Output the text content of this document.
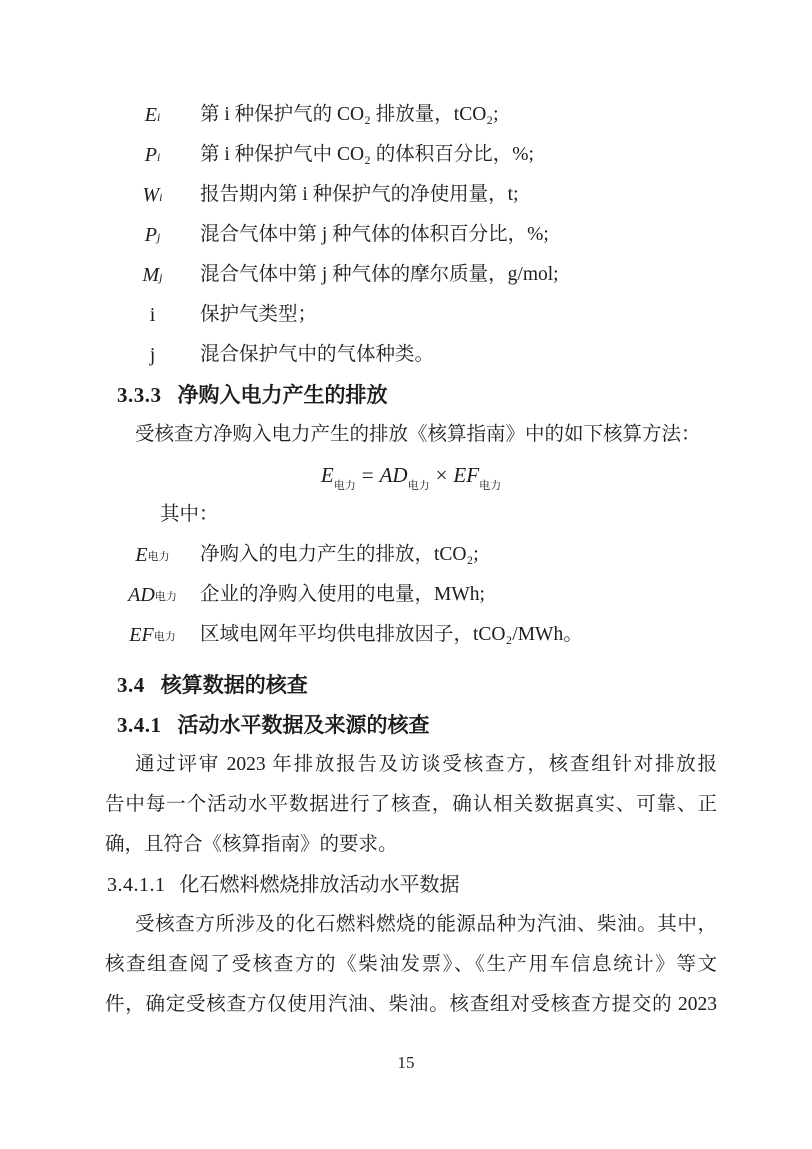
E i 第 i 种保护气的 CO₂ 排放量，tCO₂;
P i 第 i 种保护气中 CO₂ 的体积百分比，%;
W i 报告期内第 i 种保护气的净使用量，t;
P j 混合气体中第 j 种气体的体积百分比，%;
M j 混合气体中第 j 种气体的摩尔质量，g/mol;
i 保护气类型；
j 混合保护气中的气体种类。
3.3.3 净购入电力产生的排放
受核查方净购入电力产生的排放《核算指南》中的如下核算方法：
$E_{电力} = AD_{电力} \times EF_{电力}$
其中：
E 电力 净购入的电力产生的排放，tCO₂;
AD 电力 企业的净购入使用的电量，MWh;
EF 电力 区域电网年平均供电排放因子，tCO₂/MWh。
3.4 核算数据的核查
3.4.1 活动水平数据及来源的核查
通过评审 2023 年排放报告及访谈受核查方，核查组针对排放报
告中每一个活动水平数据进行了核查，确认相关数据真实、可靠、正
确，且符合《核算指南》的要求。
3.4.1.1 化石燃料燃烧排放活动水平数据
受核查方所涉及的化石燃料燃烧的能源品种为汽油、柴油。其中，
核查组查阅了受核查方的《柴油发票》、《生产用车信息统计》等文
件，确定受核查方仅使用汽油、柴油。核查组对受核查方提交的 2023
15
